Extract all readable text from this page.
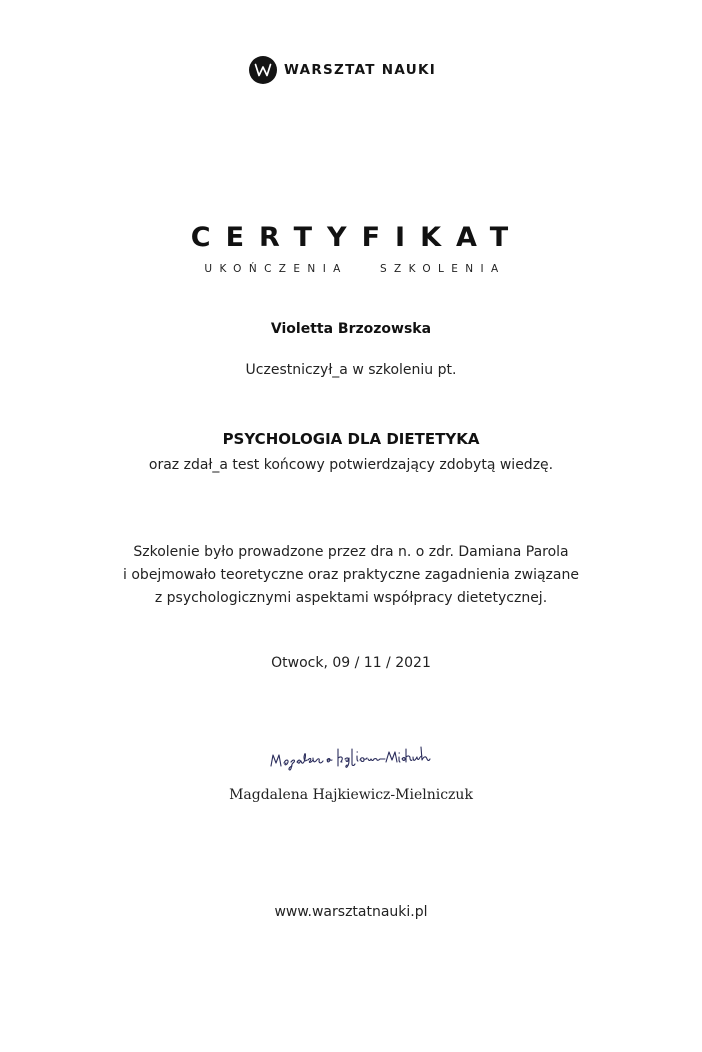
WARSZTAT NAUKI
CERTYFIKAT
UKOŃCZENIA   SZKOLENIA
Violetta Brzozowska
Uczestniczył_a w szkoleniu pt.
PSYCHOLOGIA DLA DIETETYKA
oraz zdał_a test końcowy potwierdzający zdobytą wiedzę.
Szkolenie było prowadzone przez dra n. o zdr. Damiana Parola
i obejmowało teoretyczne oraz praktyczne zagadnienia związane
z psychologicznymi aspektami współpracy dietetycznej.
Otwock, 09 / 11 / 2021
Magdalena Hajkiewicz-Mielniczuk
www.warsztatnauki.pl
